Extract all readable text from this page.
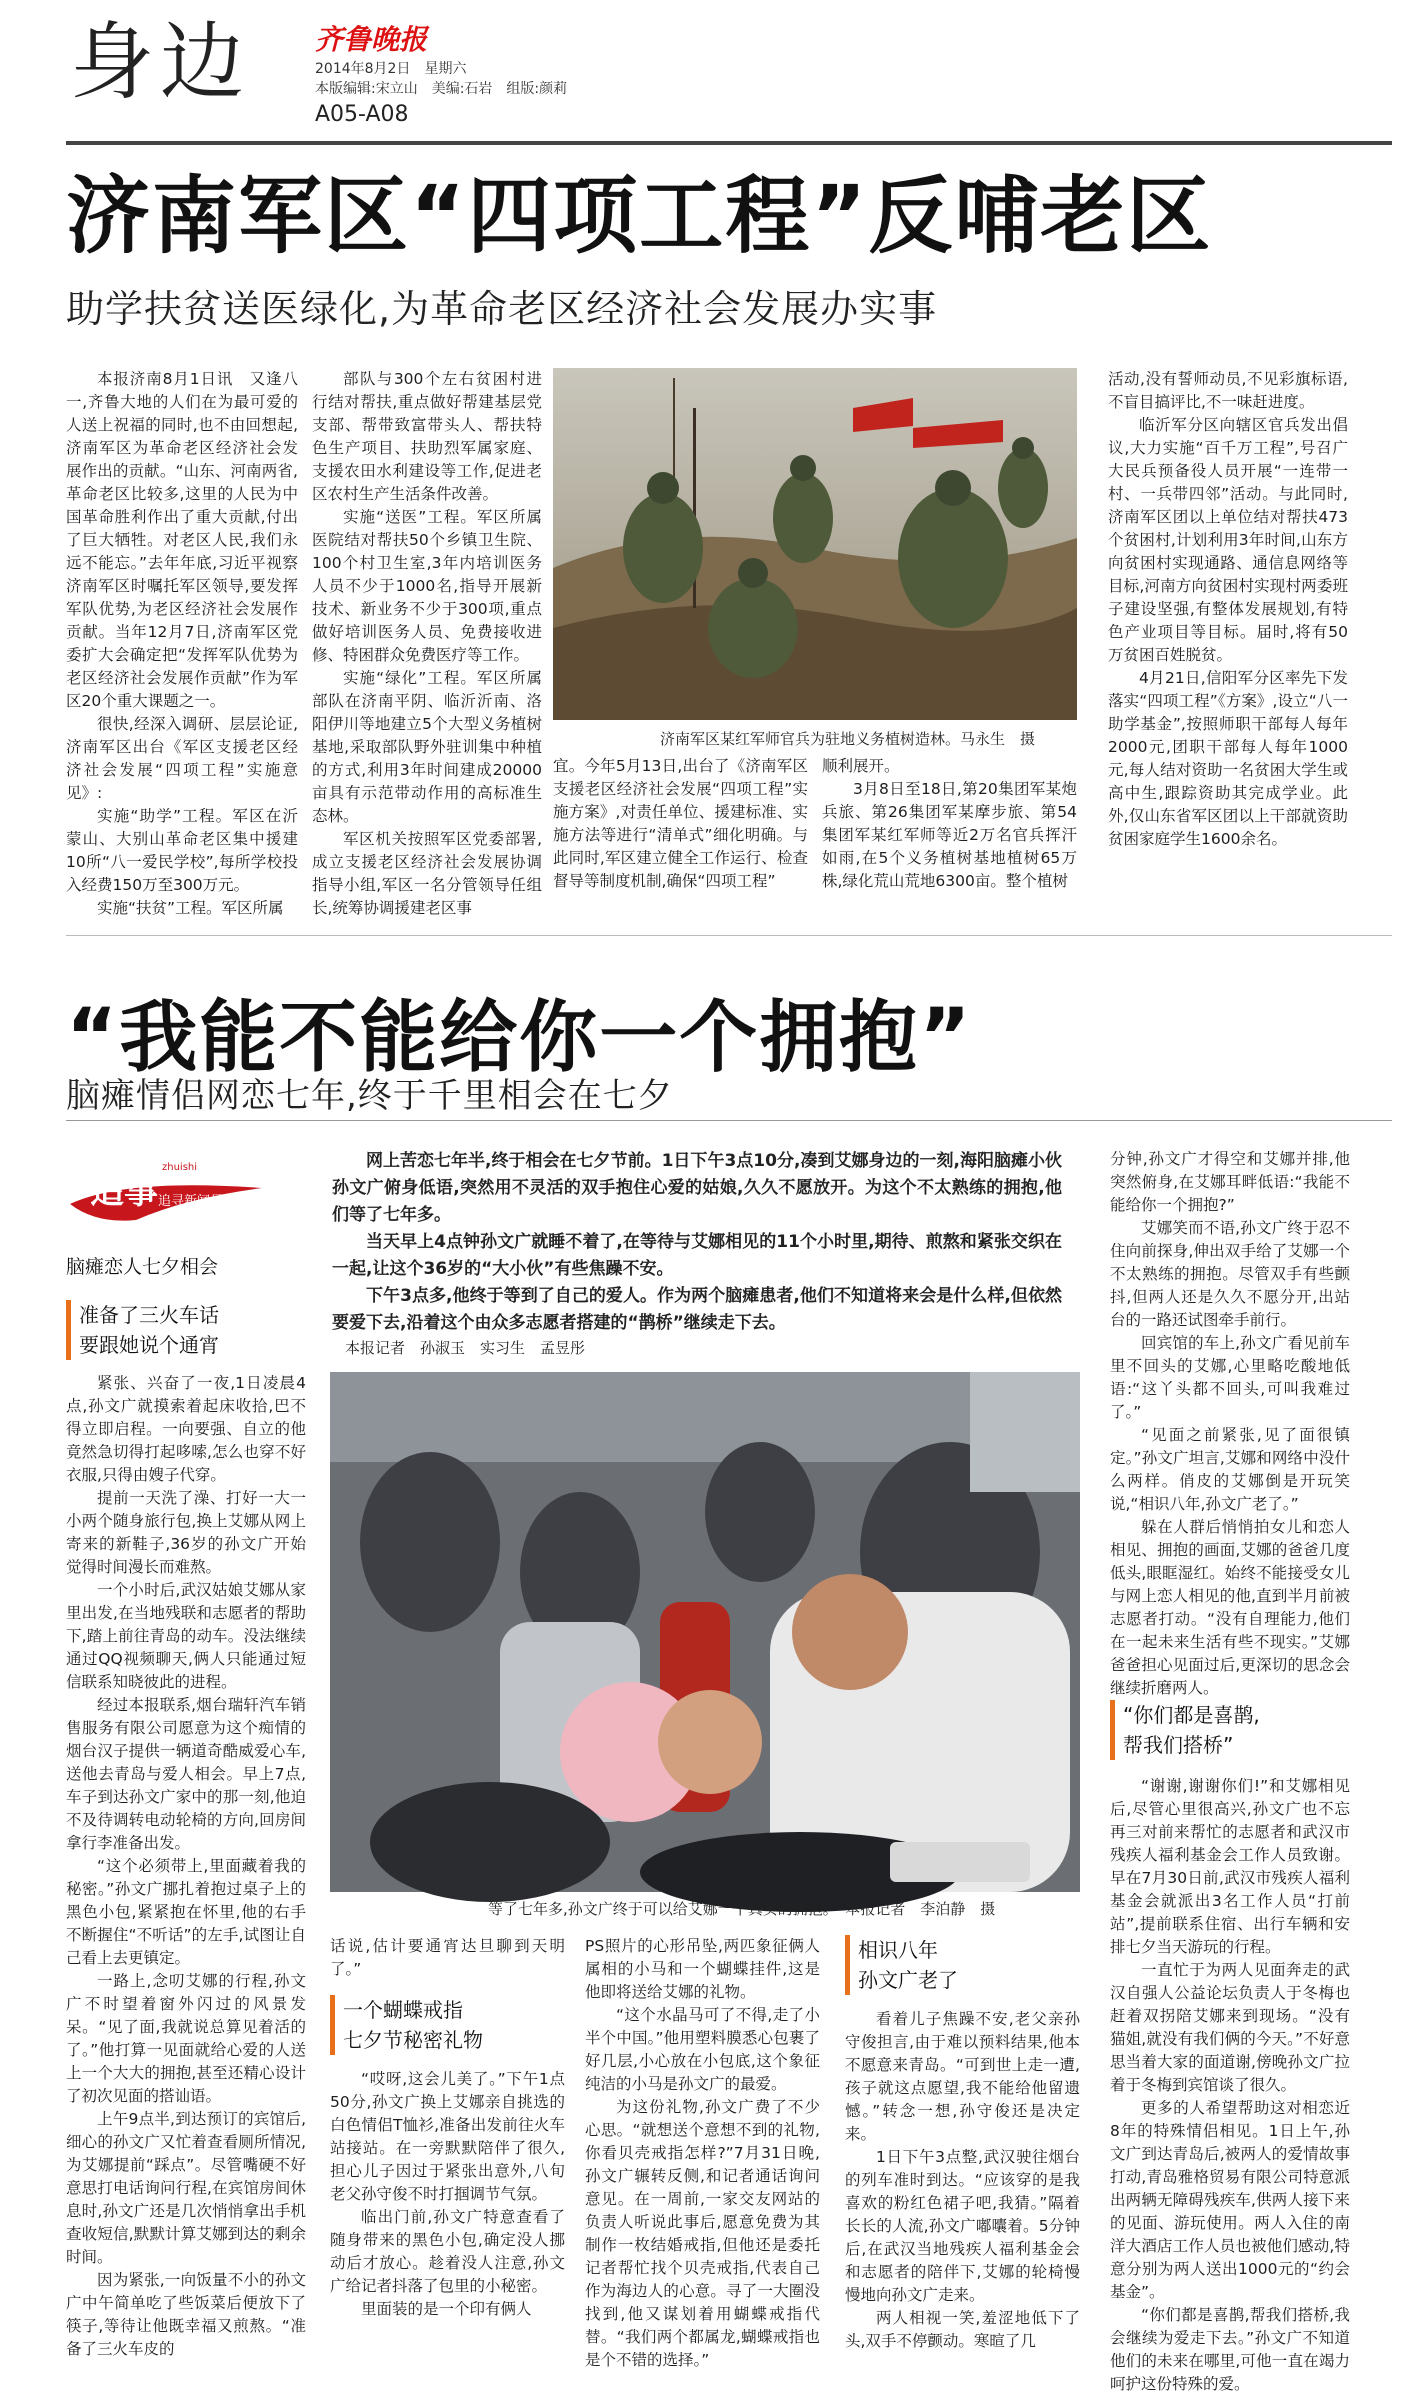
身边 齐鲁晚报
2014年8月2日　星期六
本版编辑:宋立山　美编:石岩　组版:颜莉
A05-A08
济南军区“四项工程”反哺老区
助学扶贫送医绿化,为革命老区经济社会发展办实事

本报济南8月1日讯　又逢八一,齐鲁大地的人们在为最可爱的人送上祝福的同时,也不由回想起,济南军区为革命老区经济社会发展作出的贡献。“山东、河南两省,革命老区比较多,这里的人民为中国革命胜利作出了重大贡献,付出了巨大牺牲。对老区人民,我们永远不能忘。”去年年底,习近平视察济南军区时嘱托军区领导,要发挥军队优势,为老区经济社会发展作贡献。当年12月7日,济南军区党委扩大会确定把“发挥军队优势为老区经济社会发展作贡献”作为军区20个重大课题之一。

很快,经深入调研、层层论证,济南军区出台《军区支援老区经济社会发展“四项工程”实施意见》:

实施“助学”工程。军区在沂蒙山、大别山革命老区集中援建10所“八一爱民学校”,每所学校投入经费150万至300万元。

实施“扶贫”工程。军区所属

部队与300个左右贫困村进行结对帮扶,重点做好帮建基层党支部、帮带致富带头人、帮扶特色生产项目、扶助烈军属家庭、支援农田水利建设等工作,促进老区农村生产生活条件改善。

实施“送医”工程。军区所属医院结对帮扶50个乡镇卫生院、100个村卫生室,3年内培训医务人员不少于1000名,指导开展新技术、新业务不少于300项,重点做好培训医务人员、免费接收进修、特困群众免费医疗等工作。

实施“绿化”工程。军区所属部队在济南平阴、临沂沂南、洛阳伊川等地建立5个大型义务植树基地,采取部队野外驻训集中种植的方式,利用3年时间建成20000亩具有示范带动作用的高标准生态林。

军区机关按照军区党委部署,成立支援老区经济社会发展协调指导小组,军区一名分管领导任组长,统筹协调援建老区事

济南军区某红军师官兵为驻地义务植树造林。马永生　摄

宜。今年5月13日,出台了《济南军区支援老区经济社会发展“四项工程”实施方案》,对责任单位、援建标准、实施方法等进行“清单式”细化明确。与此同时,军区建立健全工作运行、检查督导等制度机制,确保“四项工程”

顺利展开。

3月8日至18日,第20集团军某炮兵旅、第26集团军某摩步旅、第54集团军某红军师等近2万名官兵挥汗如雨,在5个义务植树基地植树65万株,绿化荒山荒地6300亩。整个植树

活动,没有誓师动员,不见彩旗标语,不盲目搞评比,不一味赶进度。

临沂军分区向辖区官兵发出倡议,大力实施“百千万工程”,号召广大民兵预备役人员开展“一连带一村、一兵带四邻”活动。与此同时,济南军区团以上单位结对帮扶473个贫困村,计划利用3年时间,山东方向贫困村实现通路、通信息网络等目标,河南方向贫困村实现村两委班子建设坚强,有整体发展规划,有特色产业项目等目标。届时,将有50万贫困百姓脱贫。

4月21日,信阳军分区率先下发落实“四项工程”《方案》,设立“八一助学基金”,按照师职干部每人每年2000元,团职干部每人每年1000元,每人结对资助一名贫困大学生或高中生,跟踪资助其完成学业。此外,仅山东省军区团以上干部就资助贫困家庭学生1600余名。

“我能不能给你一个拥抱”
脑瘫情侣网恋七年,终于千里相会在七夕
追事
zhuishi
追寻新闻尽头
脑瘫恋人七夕相会

网上苦恋七年半,终于相会在七夕节前。1日下午3点10分,凑到艾娜身边的一刻,海阳脑瘫小伙孙文广俯身低语,突然用不灵活的双手抱住心爱的姑娘,久久不愿放开。为这个不太熟练的拥抱,他们等了七年多。

当天早上4点钟孙文广就睡不着了,在等待与艾娜相见的11个小时里,期待、煎熬和紧张交织在一起,让这个36岁的“大小伙”有些焦躁不安。

下午3点多,他终于等到了自己的爱人。作为两个脑瘫患者,他们不知道将来会是什么样,但依然要爱下去,沿着这个由众多志愿者搭建的“鹊桥”继续走下去。

本报记者　孙淑玉　实习生　孟昱彤
等了七年多,孙文广终于可以给艾娜一个真实的拥抱。　本报记者　李泊静　摄
准备了三火车话
要跟她说个通宵

紧张、兴奋了一夜,1日凌晨4点,孙文广就摸索着起床收拾,巴不得立即启程。一向要强、自立的他竟然急切得打起哆嗦,怎么也穿不好衣服,只得由嫂子代穿。

提前一天洗了澡、打好一大一小两个随身旅行包,换上艾娜从网上寄来的新鞋子,36岁的孙文广开始觉得时间漫长而难熬。

一个小时后,武汉姑娘艾娜从家里出发,在当地残联和志愿者的帮助下,踏上前往青岛的动车。没法继续通过QQ视频聊天,俩人只能通过短信联系知晓彼此的进程。

经过本报联系,烟台瑞轩汽车销售服务有限公司愿意为这个痴情的烟台汉子提供一辆道奇酷威爱心车,送他去青岛与爱人相会。早上7点,车子到达孙文广家中的那一刻,他迫不及待调转电动轮椅的方向,回房间拿行李准备出发。

“这个必须带上,里面藏着我的秘密。”孙文广挪扎着抱过桌子上的黑色小包,紧紧抱在怀里,他的右手不断握住“不听话”的左手,试图让自己看上去更镇定。

一路上,念叨艾娜的行程,孙文广不时望着窗外闪过的风景发呆。“见了面,我就说总算见着活的了。”他打算一见面就给心爱的人送上一个大大的拥抱,甚至还精心设计了初次见面的搭讪语。

上午9点半,到达预订的宾馆后,细心的孙文广又忙着查看厕所情况,为艾娜提前“踩点”。尽管嘴硬不好意思打电话询问行程,在宾馆房间休息时,孙文广还是几次悄悄拿出手机查收短信,默默计算艾娜到达的剩余时间。

因为紧张,一向饭量不小的孙文广中午简单吃了些饭菜后便放下了筷子,等待让他既幸福又煎熬。“准备了三火车皮的

话说,估计要通宵达旦聊到天明了。”

一个蝴蝶戒指
七夕节秘密礼物

“哎呀,这会儿美了。”下午1点50分,孙文广换上艾娜亲自挑选的白色情侣T恤衫,准备出发前往火车站接站。在一旁默默陪伴了很久,担心儿子因过于紧张出意外,八旬老父孙守俊不时打掴调节气氛。

临出门前,孙文广特意查看了随身带来的黑色小包,确定没人挪动后才放心。趁着没人注意,孙文广给记者抖落了包里的小秘密。

里面装的是一个印有俩人

PS照片的心形吊坠,两匹象征俩人属相的小马和一个蝴蝶挂件,这是他即将送给艾娜的礼物。

“这个水晶马可了不得,走了小半个中国。”他用塑料膜悉心包裹了好几层,小心放在小包底,这个象征纯洁的小马是孙文广的最爱。

为这份礼物,孙文广费了不少心思。“就想送个意想不到的礼物,你看贝壳戒指怎样?”7月31日晚,孙文广辗转反侧,和记者通话询问意见。在一周前,一家交友网站的负责人听说此事后,愿意免费为其制作一枚结婚戒指,但他还是委托记者帮忙找个贝壳戒指,代表自己作为海边人的心意。寻了一大圈没找到,他又谋划着用蝴蝶戒指代替。“我们两个都属龙,蝴蝶戒指也是个不错的选择。”

相识八年
孙文广老了

看着儿子焦躁不安,老父亲孙守俊担言,由于难以预料结果,他本不愿意来青岛。“可到世上走一遭,孩子就这点愿望,我不能给他留遗憾。”转念一想,孙守俊还是决定来。

1日下午3点整,武汉驶往烟台的列车准时到达。“应该穿的是我喜欢的粉红色裙子吧,我猜。”隔着长长的人流,孙文广嘟囔着。5分钟后,在武汉当地残疾人福利基金会和志愿者的陪伴下,艾娜的轮椅慢慢地向孙文广走来。

两人相视一笑,羞涩地低下了头,双手不停颤动。寒暄了几

分钟,孙文广才得空和艾娜并排,他突然俯身,在艾娜耳畔低语:“我能不能给你一个拥抱?”

艾娜笑而不语,孙文广终于忍不住向前探身,伸出双手给了艾娜一个不太熟练的拥抱。尽管双手有些颤抖,但两人还是久久不愿分开,出站台的一路还试图牵手前行。

回宾馆的车上,孙文广看见前车里不回头的艾娜,心里略吃酸地低语:“这丫头都不回头,可叫我难过了。”

“见面之前紧张,见了面很镇定。”孙文广坦言,艾娜和网络中没什么两样。俏皮的艾娜倒是开玩笑说,“相识八年,孙文广老了。”

躲在人群后悄悄拍女儿和恋人相见、拥抱的画面,艾娜的爸爸几度低头,眼眶湿红。始终不能接受女儿与网上恋人相见的他,直到半月前被志愿者打动。“没有自理能力,他们在一起未来生活有些不现实。”艾娜爸爸担心见面过后,更深切的思念会继续折磨两人。

“你们都是喜鹊,
帮我们搭桥”

“谢谢,谢谢你们!”和艾娜相见后,尽管心里很高兴,孙文广也不忘再三对前来帮忙的志愿者和武汉市残疾人福利基金会工作人员致谢。早在7月30日前,武汉市残疾人福利基金会就派出3名工作人员“打前站”,提前联系住宿、出行车辆和安排七夕当天游玩的行程。

一直忙于为两人见面奔走的武汉自强人公益论坛负责人于冬梅也赶着双拐陪艾娜来到现场。“没有猫姐,就没有我们俩的今天。”不好意思当着大家的面道谢,傍晚孙文广拉着于冬梅到宾馆谈了很久。

更多的人希望帮助这对相恋近8年的特殊情侣相见。1日上午,孙文广到达青岛后,被两人的爱情故事打动,青岛雅格贸易有限公司特意派出两辆无障碍残疾车,供两人接下来的见面、游玩使用。两人入住的南洋大酒店工作人员也被他们感动,特意分别为两人送出1000元的“约会基金”。

“你们都是喜鹊,帮我们搭桥,我会继续为爱走下去。”孙文广不知道他们的未来在哪里,可他一直在竭力呵护这份特殊的爱。
